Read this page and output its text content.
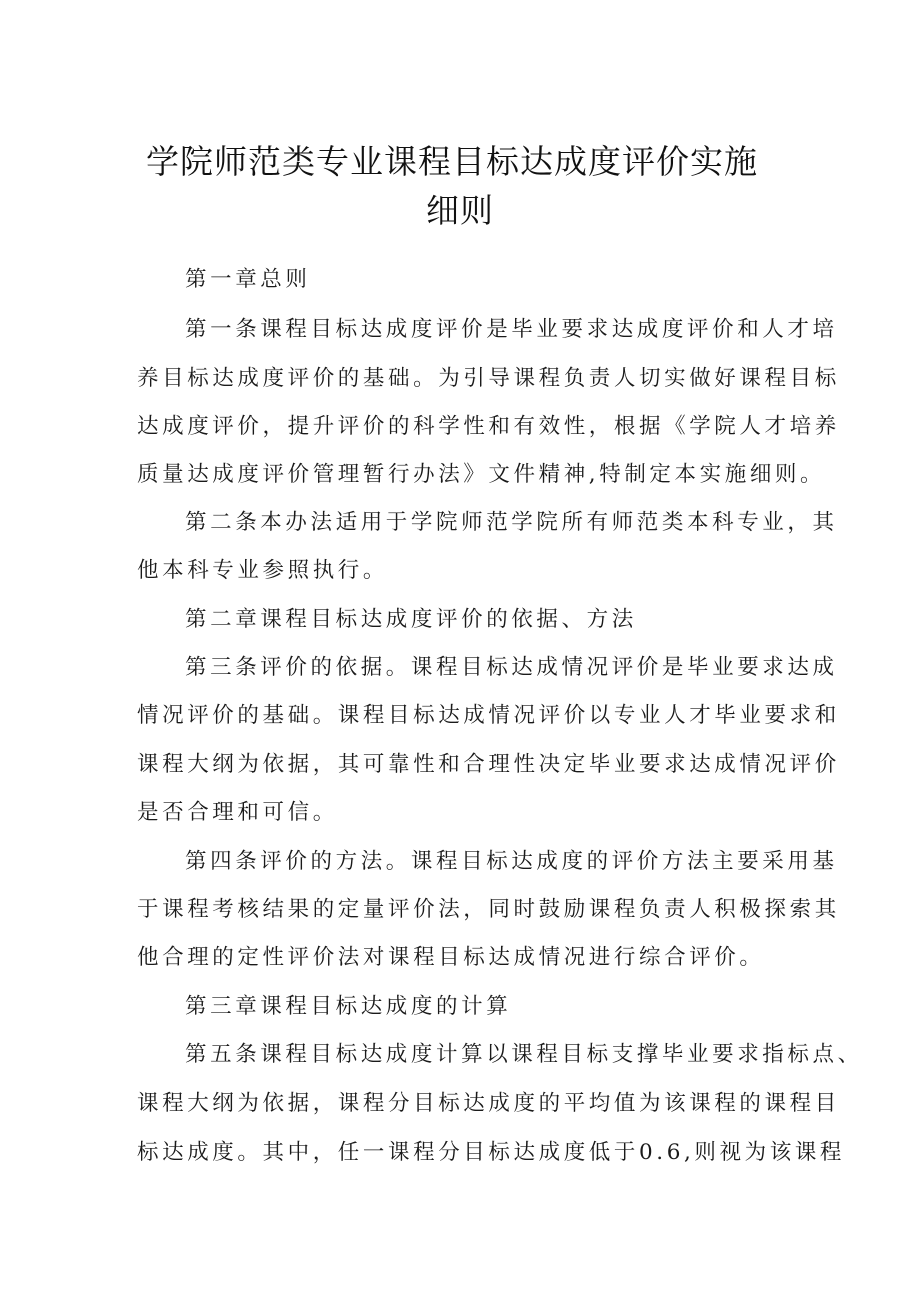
学院师范类专业课程目标达成度评价实施
细则
第一章总则
第一条课程目标达成度评价是毕业要求达成度评价和人才培
养目标达成度评价的基础。为引导课程负责人切实做好课程目标
达成度评价，提升评价的科学性和有效性，根据《学院人才培养
质量达成度评价管理暂行办法》文件精神,特制定本实施细则。
第二条本办法适用于学院师范学院所有师范类本科专业，其
他本科专业参照执行。
第二章课程目标达成度评价的依据、方法
第三条评价的依据。课程目标达成情况评价是毕业要求达成
情况评价的基础。课程目标达成情况评价以专业人才毕业要求和
课程大纲为依据，其可靠性和合理性决定毕业要求达成情况评价
是否合理和可信。
第四条评价的方法。课程目标达成度的评价方法主要采用基
于课程考核结果的定量评价法，同时鼓励课程负责人积极探索其
他合理的定性评价法对课程目标达成情况进行综合评价。
第三章课程目标达成度的计算
第五条课程目标达成度计算以课程目标支撑毕业要求指标点、
课程大纲为依据，课程分目标达成度的平均值为该课程的课程目
标达成度。其中，任一课程分目标达成度低于0.6,则视为该课程
